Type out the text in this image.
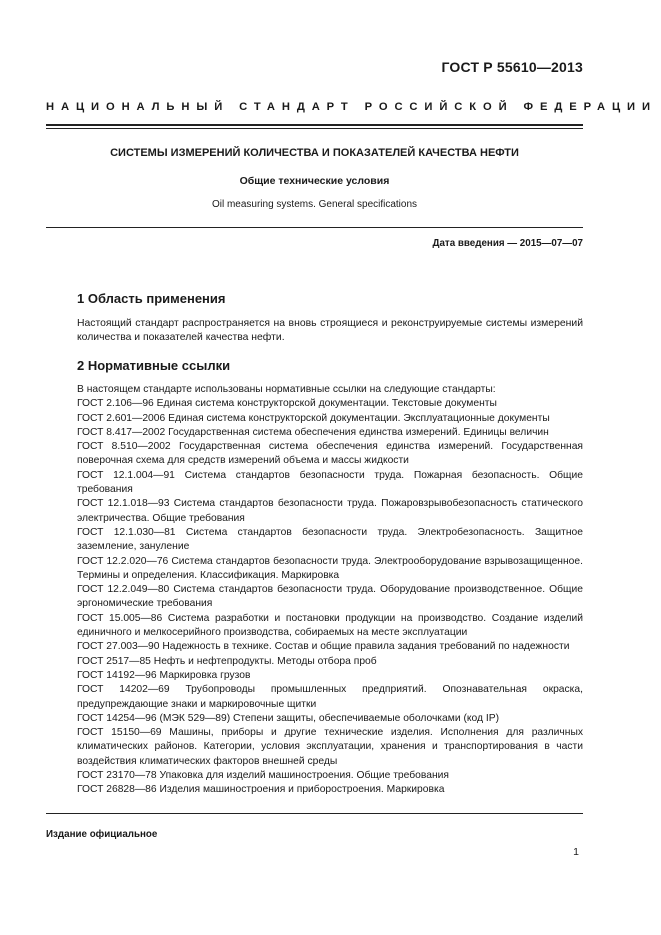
ГОСТ Р 55610—2013
НАЦИОНАЛЬНЫЙ СТАНДАРТ РОССИЙСКОЙ ФЕДЕРАЦИИ
СИСТЕМЫ ИЗМЕРЕНИЙ КОЛИЧЕСТВА И ПОКАЗАТЕЛЕЙ КАЧЕСТВА НЕФТИ
Общие технические условия
Oil measuring systems. General specifications
Дата введения — 2015—07—07
1 Область применения

Настоящий стандарт распространяется на вновь строящиеся и реконструируемые системы измерений количества и показателей качества нефти.

2 Нормативные ссылки

В настоящем стандарте использованы нормативные ссылки на следующие стандарты:

ГОСТ 2.106—96 Единая система конструкторской документации. Текстовые документы

ГОСТ 2.601—2006 Единая система конструкторской документации. Эксплуатационные документы

ГОСТ 8.417—2002 Государственная система обеспечения единства измерений. Единицы величин

ГОСТ 8.510—2002 Государственная система обеспечения единства измерений. Государственная поверочная схема для средств измерений объема и массы жидкости

ГОСТ 12.1.004—91 Система стандартов безопасности труда. Пожарная безопасность. Общие требования

ГОСТ 12.1.018—93 Система стандартов безопасности труда. Пожаровзрывобезопасность статического электричества. Общие требования

ГОСТ 12.1.030—81 Система стандартов безопасности труда. Электробезопасность. Защитное заземление, зануление

ГОСТ 12.2.020—76 Система стандартов безопасности труда. Электрооборудование взрывозащищенное. Термины и определения. Классификация. Маркировка

ГОСТ 12.2.049—80 Система стандартов безопасности труда. Оборудование производственное. Общие эргономические требования

ГОСТ 15.005—86 Система разработки и постановки продукции на производство. Создание изделий единичного и мелкосерийного производства, собираемых на месте эксплуатации

ГОСТ 27.003—90 Надежность в технике. Состав и общие правила задания требований по надежности

ГОСТ 2517—85 Нефть и нефтепродукты. Методы отбора проб

ГОСТ 14192—96 Маркировка грузов

ГОСТ 14202—69 Трубопроводы промышленных предприятий. Опознавательная окраска, предупреждающие знаки и маркировочные щитки

ГОСТ 14254—96 (МЭК 529—89) Степени защиты, обеспечиваемые оболочками (код IP)

ГОСТ 15150—69 Машины, приборы и другие технические изделия. Исполнения для различных климатических районов. Категории, условия эксплуатации, хранения и транспортирования в части воздействия климатических факторов внешней среды

ГОСТ 23170—78 Упаковка для изделий машиностроения. Общие требования

ГОСТ 26828—86 Изделия машиностроения и приборостроения. Маркировка

Издание официальное
1
